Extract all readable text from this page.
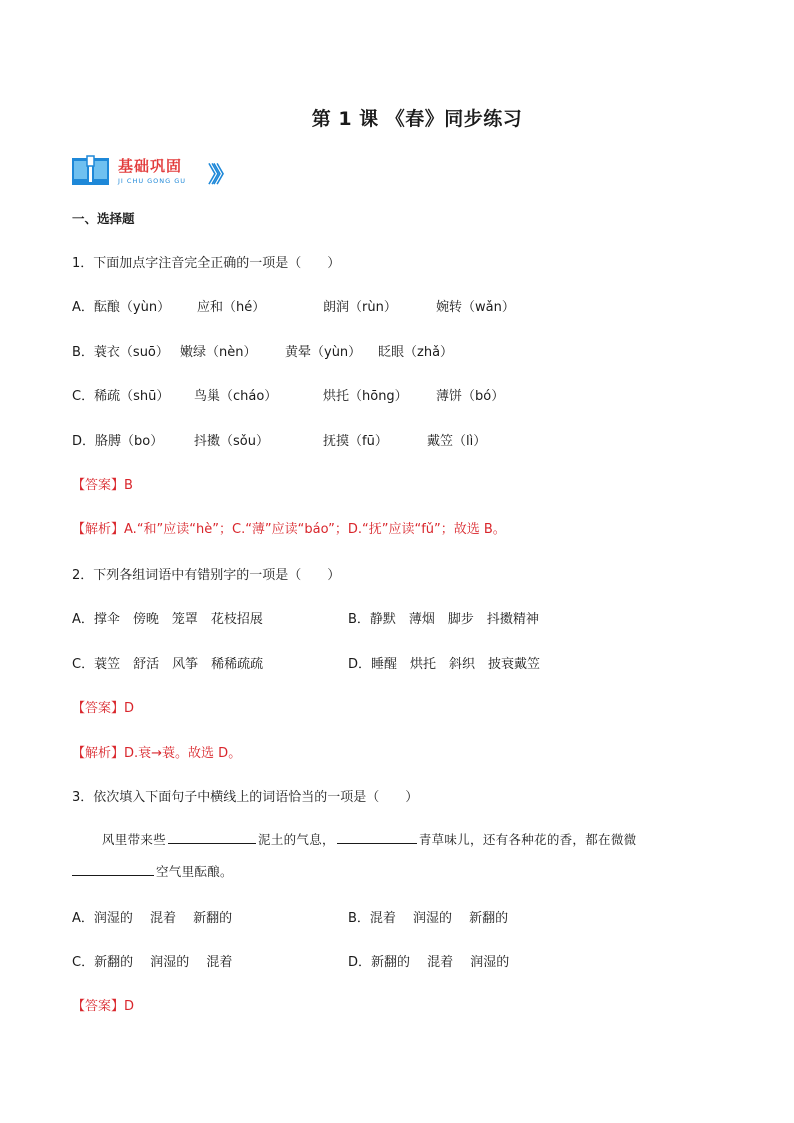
第 1 课 《春》同步练习
基础巩固
JI CHU GONG GU 》》
一、选择题
1．下面加点字注音完全正确的一项是（　　）
A．酝酿（yùn） 应和（hé）	朗润（rùn）	婉转（wǎn）
B．蓑衣（suō） 嫩绿（nèn） 黄晕（yùn） 眨眼（zhǎ）
C．稀疏（shū） 鸟巢（cháo）	烘托（hōng） 薄饼（bó）
D．胳膊（bo） 抖擞（sǒu）	抚摸（fū）	戴笠（lì）
【答案】B
【解析】A.“和”应读“hè”；C.“薄”应读“báo”；D.“抚”应读“fǔ”；故选 B。
2．下列各组词语中有错别字的一项是（　　）
A．撑伞　傍晚　笼罩　花枝招展	B．静默　薄烟　脚步　抖擞精神
C．蓑笠　舒活　风筝　稀稀疏疏	D．睡醒　烘托　斜织　披衰戴笠
【答案】D
【解析】D.衰→蓑。故选 D。
3．依次填入下面句子中横线上的词语恰当的一项是（　　）
风里带来些	泥土的气息，	青草味儿，还有各种花的香，都在微微
空气里酝酿。
A．润湿的　 混着　 新翻的	B．混着　 润湿的　 新翻的
C．新翻的　 润湿的　 混着	D．新翻的　 混着　 润湿的
【答案】D
